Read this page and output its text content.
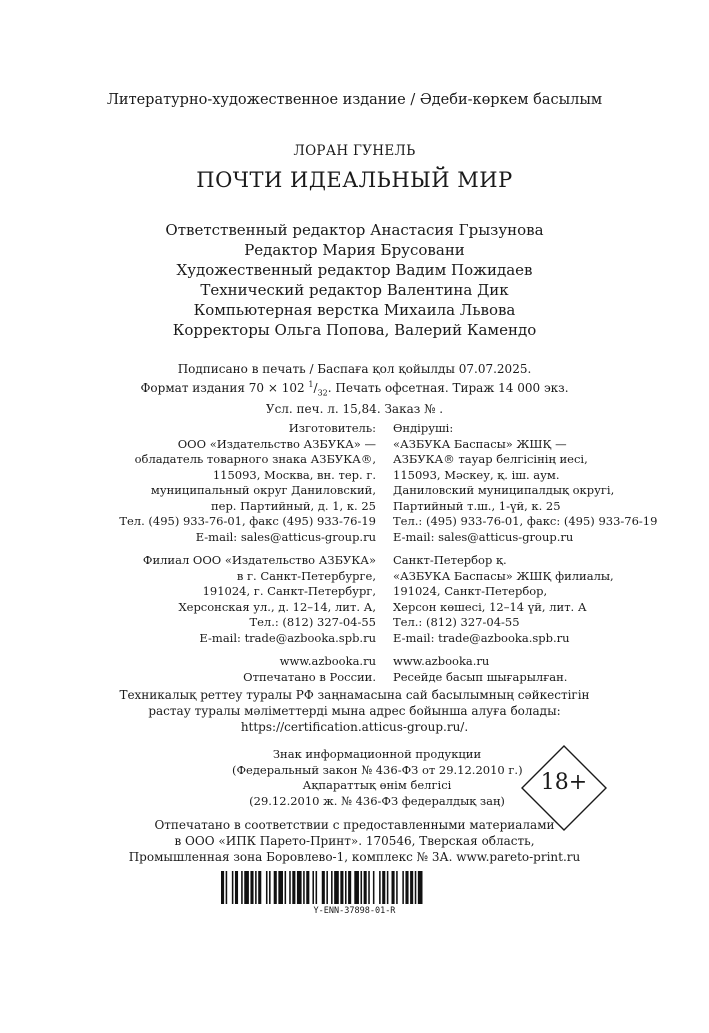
Литературно-художественное издание / Әдеби-көркем басылым
ЛОРАН ГУНЕЛЬ
ПОЧТИ ИДЕАЛЬНЫЙ МИР
Ответственный редактор Анастасия Грызунова
Редактор Мария Брусовани
Художественный редактор Вадим Пожидаев
Технический редактор Валентина Дик
Компьютерная верстка Михаила Львова
Корректоры Ольга Попова, Валерий Камендо
Подписано в печать / Баспаға қол қойылды 07.07.2025.
Формат издания 70 × 102 $^1/_{32}$. Печать офсетная. Тираж 14 000 экз.
Усл. печ. л. 15,84. Заказ № .
Изготовитель:
ООО «Издательство АЗБУКА» —
обладатель товарного знака АЗБУКА®,
115093, Москва, вн. тер. г.
муниципальный округ Даниловский,
пер. Партийный, д. 1, к. 25
Тел. (495) 933-76-01, факс (495) 933-76-19
E-mail: sales@atticus-group.ru
Филиал ООО «Издательство АЗБУКА»
в г. Санкт-Петербурге,
191024, г. Санкт-Петербург,
Херсонская ул., д. 12–14, лит. А,
Тел.: (812) 327-04-55
E-mail: trade@azbooka.spb.ru
www.azbooka.ru
Отпечатано в России.
Өндіруші:
«АЗБУКА Баспасы» ЖШҚ —
АЗБУКА® тауар белгісінің иесі,
115093, Мәскеу, қ. іш. аум.
Даниловский муниципалдық округі,
Партийный т.ш., 1-үй, к. 25
Тел.: (495) 933-76-01, факс: (495) 933-76-19
E-mail: sales@atticus-group.ru
Санкт-Петербор қ.
«АЗБУКА Баспасы» ЖШҚ филиалы,
191024, Санкт-Петербор,
Херсон көшесі, 12–14 үй, лит. А
Тел.: (812) 327-04-55
E-mail: trade@azbooka.spb.ru
www.azbooka.ru
Ресейде басып шығарылған.
Техникалық реттеу туралы РФ заңнамасына сай басылымның сәйкестігін
растау туралы мәліметтерді мына адрес бойынша алуға болады:
https://certification.atticus-group.ru/.
Знак информационной продукции
(Федеральный закон № 436-ФЗ от 29.12.2010 г.)
Ақпараттық өнім белгісі
(29.12.2010 ж. № 436-ФЗ федералдық заң)
18+
Отпечатано в соответствии с предоставленными материалами
в ООО «ИПК Парето-Принт». 170546, Тверская область,
Промышленная зона Боровлево-1, комплекс № 3А. www.pareto-print.ru
Y-ENN-37898-01-R
